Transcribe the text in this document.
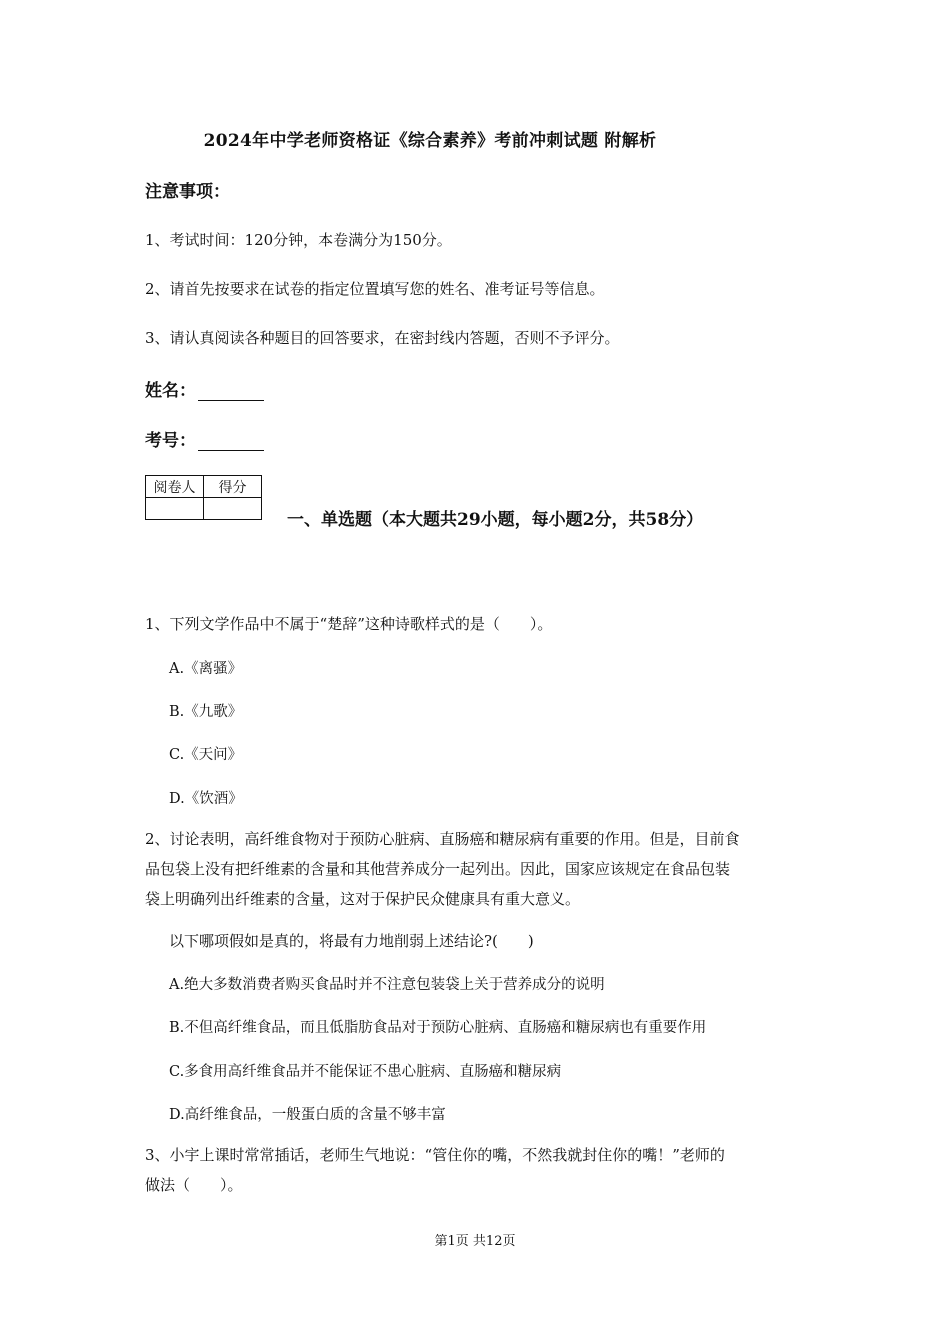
2024年中学老师资格证《综合素养》考前冲刺试题 附解析
注意事项：
1、考试时间：120分钟，本卷满分为150分。
2、请首先按要求在试卷的指定位置填写您的姓名、准考证号等信息。
3、请认真阅读各种题目的回答要求，在密封线内答题，否则不予评分。
姓名：
考号：
阅卷人	得分

一、单选题（本大题共29小题，每小题2分，共58分）
1、下列文学作品中不属于“楚辞”这种诗歌样式的是（　　）。
A.《离骚》
B.《九歌》
C.《天问》
D.《饮酒》
2、讨论表明，高纤维食物对于预防心脏病、直肠癌和糖尿病有重要的作用。但是，目前食
品包袋上没有把纤维素的含量和其他营养成分一起列出。因此，国家应该规定在食品包装
袋上明确列出纤维素的含量，这对于保护民众健康具有重大意义。
以下哪项假如是真的，将最有力地削弱上述结论?(　　)
A.绝大多数消费者购买食品时并不注意包装袋上关于营养成分的说明
B.不但高纤维食品，而且低脂肪食品对于预防心脏病、直肠癌和糖尿病也有重要作用
C.多食用高纤维食品并不能保证不患心脏病、直肠癌和糖尿病
D.高纤维食品，一般蛋白质的含量不够丰富
3、小宇上课时常常插话，老师生气地说：“管住你的嘴，不然我就封住你的嘴！”老师的
做法（　　）。
第1页 共12页
